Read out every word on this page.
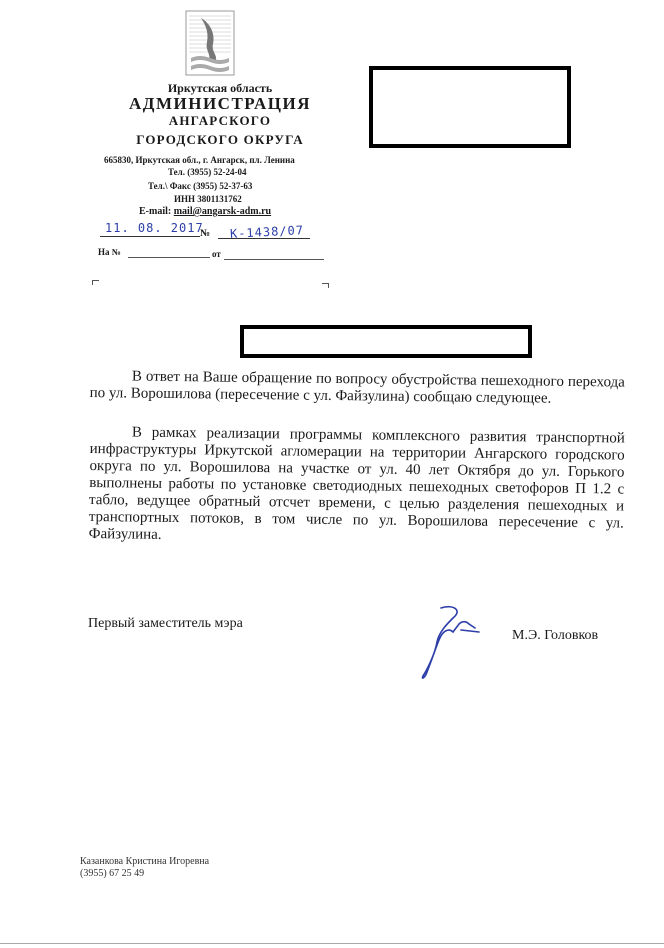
Иркутская область
АДМИНИСТРАЦИЯ
АНГАРСКОГО
ГОРОДСКОГО ОКРУГА
665830, Иркутская обл., г. Ангарск, пл. Ленина
Тел. (3955) 52-24-04
Тел.\ Факс (3955) 52-37-63
ИНН 3801131762
E-mail: mail@angarsk-adm.ru
11. 08. 2017
№ К-1438/07
На №	от
В ответ на Ваше обращение по вопросу обустройства пешеходного перехода по ул. Ворошилова (пересечение с ул. Файзулина) сообщаю следующее.
В рамках реализации программы комплексного развития транспортной инфраструктуры Иркутской агломерации на территории Ангарского городского округа по ул. Ворошилова на участке от ул. 40 лет Октября до ул. Горького выполнены работы по установке светодиодных пешеходных светофоров П 1.2 с табло, ведущее обратный отсчет времени, с целью разделения пешеходных и транспортных потоков, в том числе по ул. Ворошилова пересечение с ул. Файзулина.
Первый заместитель мэра
М.Э. Головков
Казанкова Кристина Игоревна
(3955) 67 25 49
